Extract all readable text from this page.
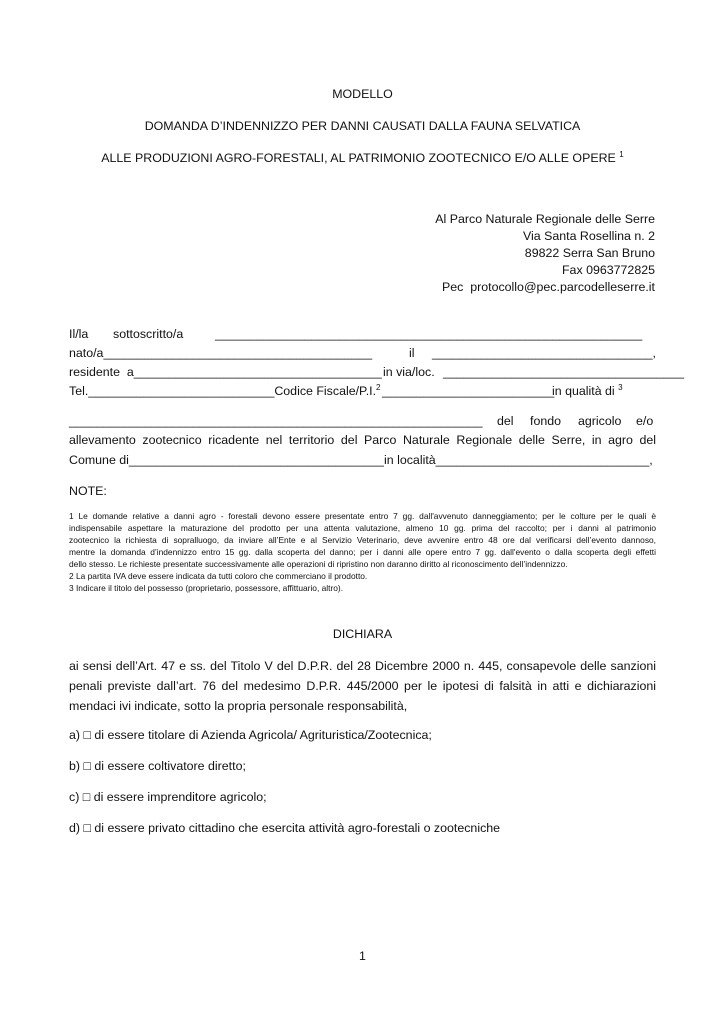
MODELLO
DOMANDA D’INDENNIZZO PER DANNI CAUSATI DALLA FAUNA SELVATICA
ALLE PRODUZIONI AGRO-FORESTALI, AL PATRIMONIO ZOOTECNICO E/O ALLE OPERE $^1$
Al Parco Naturale Regionale delle Serre
Via Santa Rosellina n. 2
89822 Serra San Bruno
Fax 0963772825
Pec  protocollo@pec.parcodelleserre.it
Il/la sottoscritto/a	______________________________________________________________
nato/a_______________________________________	il ________________________________,
residente  a____________________________________ in via/loc. ___________________________________
Tel.___________________________Codice Fiscale/P.I.$^2$ _________________________
in qualità di $^3$
____________________________________________________________ del fondo agricolo e/o
allevamento zootecnico ricadente nel territorio del Parco Naturale Regionale delle Serre, in agro del
Comune di_____________________________________ in località_______________________________,
NOTE:
1 Le domande relative a danni agro - forestali devono essere presentate entro 7 gg. dall'avvenuto danneggiamento; per le colture per le quali è
indispensabile aspettare la maturazione del prodotto per una attenta valutazione, almeno 10 gg. prima del raccolto; per i danni al patrimonio
zootecnico la richiesta di sopralluogo, da inviare all’Ente e al Servizio Veterinario, deve avvenire entro 48 ore dal verificarsi dell’evento dannoso,
mentre la domanda d’indennizzo entro 15 gg. dalla scoperta del danno; per i danni alle opere entro 7 gg. dall'evento o dalla scoperta degli effetti
dello stesso. Le richieste presentate successivamente alle operazioni di ripristino non daranno diritto al riconoscimento dell’indennizzo.
2 La partita IVA deve essere indicata da tutti coloro che commerciano il prodotto.
3 Indicare il titolo del possesso (proprietario, possessore, affittuario, altro).
DICHIARA
ai sensi dell’Art. 47 e ss. del Titolo V del D.P.R. del 28 Dicembre 2000 n. 445, consapevole delle sanzioni
penali previste dall’art. 76 del medesimo D.P.R. 445/2000 per le ipotesi di falsità in atti e dichiarazioni
mendaci ivi indicate, sotto la propria personale responsabilità,
a) □ di essere titolare di Azienda Agricola/ Agrituristica/Zootecnica;
b) □ di essere coltivatore diretto;
c) □ di essere imprenditore agricolo;
d) □ di essere privato cittadino che esercita attività agro-forestali o zootecniche
1
